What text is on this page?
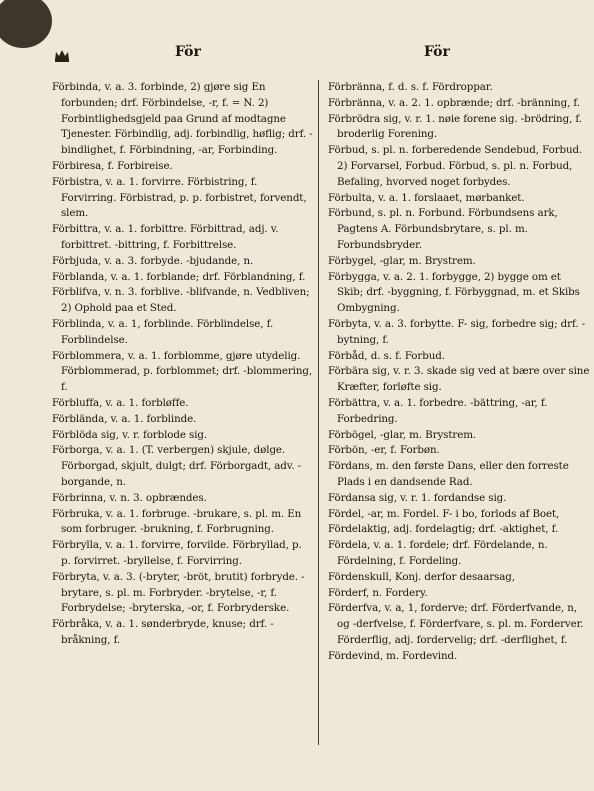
För	För

Förbinda, v. a. 3. forbinde, 2) gjøre sig En forbunden; drf. Förbindelse, -r, f. = N. 2) Forbintlighedsgjeld paa Grund af modtagne Tjenester. Förbindlig, adj. forbindlig, høflig; drf. -bindlighet, f. Förbindning, -ar, Forbinding.

Förbiresa, f. Forbireise.

Förbistra, v. a. 1. forvirre. Förbistring, f. Forvirring. Förbistrad, p. p. forbistret, forvendt, slem.

Förbittra, v. a. 1. forbittre. Förbittrad, adj. v. forbittret. -bittring, f. Forbittrelse.

Förbjuda, v. a. 3. forbyde. -bjudande, n.

Förblanda, v. a. 1. forblande; drf. Förblandning, f.

Förblifva, v. n. 3. forblive. -blifvande, n. Vedbliven; 2) Ophold paa et Sted.

Förblinda, v. a. 1, forblinde. Förblindelse, f. Forblindelse.

Förblommera, v. a. 1. forblomme, gjøre utydelig. Förblommerad, p. forblommet; drf. -blommering, f.

Förbluffa, v. a. 1. forbløffe.

Förblända, v. a. 1. forblinde.

Förblöda sig, v. r. forblode sig.

Förborga, v. a. 1. (T. verbergen) skjule, dølge. Förborgad, skjult, dulgt; drf. Förborgadt, adv. -borgande, n.

Förbrinna, v. n. 3. opbrændes.

Förbruka, v. a. 1. forbruge. -brukare, s. pl. m. En som forbruger. -brukning, f. Forbrugning.

Förbrylla, v. a. 1. forvirre, forvilde. Förbryllad, p. p. forvirret. -bryllelse, f. Forvirring.

Förbryta, v. a. 3. (-bryter, -bröt, brutit) forbryde. -brytare, s. pl. m. Forbryder. -brytelse, -r, f. Forbrydelse; -bryterska, -or, f. Forbryderske.

Förbråka, v. a. 1. sønderbryde, knuse; drf. -bråkning, f.

Förbränna, f. d. s. f. Fördroppar.

Förbränna, v. a. 2. 1. opbrænde; drf. -bränning, f.

Förbrödra sig, v. r. 1. nøie forene sig. -brödring, f. broderlig Forening.

Förbud, s. pl. n. forberedende Sendebud, Forbud. 2) Forvarsel, Forbud. Förbud, s. pl. n. Forbud, Befaling, hvorved noget forbydes.

Förbulta, v. a. 1. forslaaet, mørbanket.

Förbund, s. pl. n. Forbund. Förbundsens ark, Pagtens A. Förbundsbrytare, s. pl. m. Forbundsbryder.

Förbygel, -glar, m. Brystrem.

Förbygga, v. a. 2. 1. forbygge, 2) bygge om et Skib; drf. -byggning, f. Förbyggnad, m. et Skibs Ombygning.

Förbyta, v. a. 3. forbytte. F- sig, forbedre sig; drf. -bytning, f.

Förbåd, d. s. f. Forbud.

Förbära sig, v. r. 3. skade sig ved at bære over sine Kræfter, forløfte sig.

Förbättra, v. a. 1. forbedre. -bättring, -ar, f. Forbedring.

Förbögel, -glar, m. Brystrem.

Förbön, -er, f. Forbøn.

Fördans, m. den første Dans, eller den forreste Plads i en dandsende Rad.

Fördansa sig, v. r. 1. fordandse sig.

Fördel, -ar, m. Fordel. F- i bo, forlods af Boet,

Fördelaktig, adj. fordelagtig; drf. -aktighet, f.

Fördela, v. a. 1. fordele; drf. Fördelande, n. Fördelning, f. Fordeling.

Fördenskull, Konj. derfor desaarsag,

Förderf, n. Fordery.

Förderfva, v. a, 1, forderve; drf. Förderfvande, n, og -derfvelse, f. Förderfvare, s. pl. m. Forderver. Förderflig, adj. fordervelig; drf. -derflighet, f.

Fördevind, m. Fordevind.
